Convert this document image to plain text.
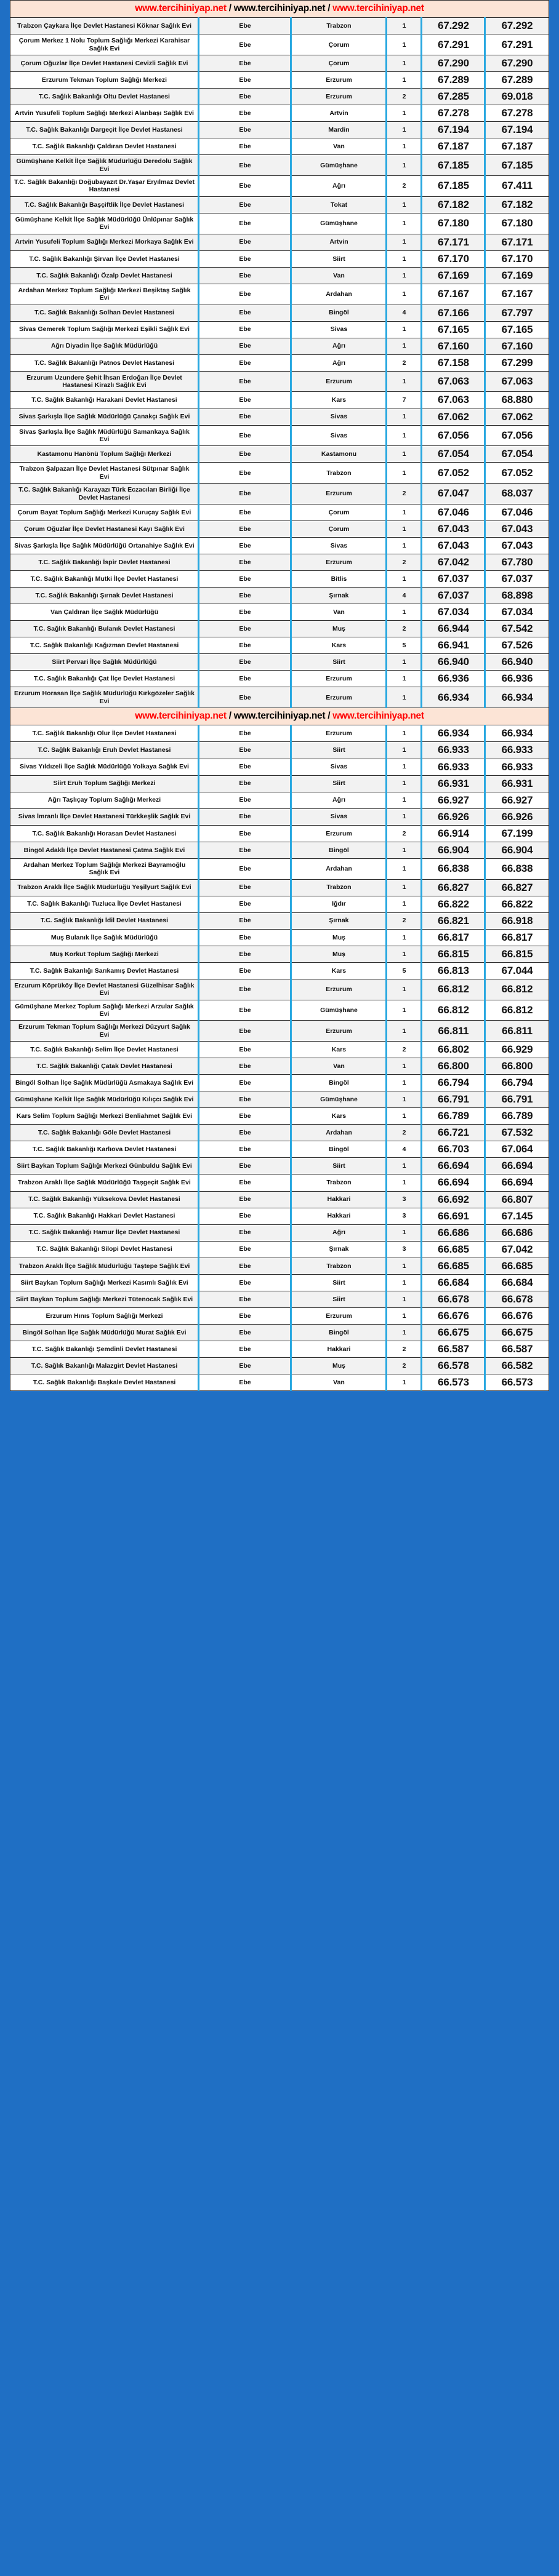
www.tercihiniyap.net / www.tercihiniyap.net / www.tercihiniyap.net					
Trabzon Çaykara İlçe Devlet Hastanesi Köknar Sağlık Evi	Ebe	Trabzon	1	67.292	67.292
Çorum Merkez 1 Nolu Toplum Sağlığı Merkezi Karahisar Sağlık Evi	Ebe	Çorum	1	67.291	67.291
Çorum Oğuzlar İlçe Devlet Hastanesi Cevizli Sağlık Evi	Ebe	Çorum	1	67.290	67.290
Erzurum Tekman Toplum Sağlığı Merkezi	Ebe	Erzurum	1	67.289	67.289
T.C. Sağlık Bakanlığı Oltu Devlet Hastanesi	Ebe	Erzurum	2	67.285	69.018
Artvin Yusufeli Toplum Sağlığı Merkezi Alanbaşı Sağlık Evi	Ebe	Artvin	1	67.278	67.278
T.C. Sağlık Bakanlığı Dargeçit İlçe Devlet Hastanesi	Ebe	Mardin	1	67.194	67.194
T.C. Sağlık Bakanlığı Çaldıran Devlet Hastanesi	Ebe	Van	1	67.187	67.187
Gümüşhane Kelkit İlçe Sağlık Müdürlüğü Deredolu Sağlık Evi	Ebe	Gümüşhane	1	67.185	67.185
T.C. Sağlık Bakanlığı Doğubayazıt Dr.Yaşar Eryılmaz Devlet Hastanesi	Ebe	Ağrı	2	67.185	67.411
T.C. Sağlık Bakanlığı Başçiftlik İlçe Devlet Hastanesi	Ebe	Tokat	1	67.182	67.182
Gümüşhane Kelkit İlçe Sağlık Müdürlüğü Ünlüpınar Sağlık Evi	Ebe	Gümüşhane	1	67.180	67.180
Artvin Yusufeli Toplum Sağlığı Merkezi Morkaya Sağlık Evi	Ebe	Artvin	1	67.171	67.171
T.C. Sağlık Bakanlığı Şirvan İlçe Devlet Hastanesi	Ebe	Siirt	1	67.170	67.170
T.C. Sağlık Bakanlığı Özalp Devlet Hastanesi	Ebe	Van	1	67.169	67.169
Ardahan Merkez Toplum Sağlığı Merkezi Beşiktaş Sağlık Evi	Ebe	Ardahan	1	67.167	67.167
T.C. Sağlık Bakanlığı Solhan Devlet Hastanesi	Ebe	Bingöl	4	67.166	67.797
Sivas Gemerek Toplum Sağlığı Merkezi Eşikli Sağlık Evi	Ebe	Sivas	1	67.165	67.165
Ağrı Diyadin İlçe Sağlık Müdürlüğü	Ebe	Ağrı	1	67.160	67.160
T.C. Sağlık Bakanlığı Patnos Devlet Hastanesi	Ebe	Ağrı	2	67.158	67.299
Erzurum Uzundere Şehit İhsan Erdoğan İlçe Devlet Hastanesi Kirazlı Sağlık Evi	Ebe	Erzurum	1	67.063	67.063
T.C. Sağlık Bakanlığı Harakani Devlet Hastanesi	Ebe	Kars	7	67.063	68.880
Sivas Şarkışla İlçe Sağlık Müdürlüğü Çanakçı Sağlık Evi	Ebe	Sivas	1	67.062	67.062
Sivas Şarkışla İlçe Sağlık Müdürlüğü Samankaya Sağlık Evi	Ebe	Sivas	1	67.056	67.056
Kastamonu Hanönü Toplum Sağlığı Merkezi	Ebe	Kastamonu	1	67.054	67.054
Trabzon Şalpazarı İlçe Devlet Hastanesi Sütpınar Sağlık Evi	Ebe	Trabzon	1	67.052	67.052
T.C. Sağlık Bakanlığı Karayazı Türk Eczacıları Birliği İlçe Devlet Hastanesi	Ebe	Erzurum	2	67.047	68.037
Çorum Bayat Toplum Sağlığı Merkezi Kuruçay Sağlık Evi	Ebe	Çorum	1	67.046	67.046
Çorum Oğuzlar İlçe Devlet Hastanesi Kayı Sağlık Evi	Ebe	Çorum	1	67.043	67.043
Sivas Şarkışla İlçe Sağlık Müdürlüğü Ortanahiye Sağlık Evi	Ebe	Sivas	1	67.043	67.043
T.C. Sağlık Bakanlığı İspir Devlet Hastanesi	Ebe	Erzurum	2	67.042	67.780
T.C. Sağlık Bakanlığı Mutki İlçe Devlet Hastanesi	Ebe	Bitlis	1	67.037	67.037
T.C. Sağlık Bakanlığı Şırnak Devlet Hastanesi	Ebe	Şırnak	4	67.037	68.898
Van Çaldıran İlçe Sağlık Müdürlüğü	Ebe	Van	1	67.034	67.034
T.C. Sağlık Bakanlığı Bulanık Devlet Hastanesi	Ebe	Muş	2	66.944	67.542
T.C. Sağlık Bakanlığı Kağızman Devlet Hastanesi	Ebe	Kars	5	66.941	67.526
Siirt Pervari İlçe Sağlık Müdürlüğü	Ebe	Siirt	1	66.940	66.940
T.C. Sağlık Bakanlığı Çat İlçe Devlet Hastanesi	Ebe	Erzurum	1	66.936	66.936
Erzurum Horasan İlçe Sağlık Müdürlüğü Kırkgözeler Sağlık Evi	Ebe	Erzurum	1	66.934	66.934
www.tercihiniyap.net / www.tercihiniyap.net / www.tercihiniyap.net					
T.C. Sağlık Bakanlığı Olur İlçe Devlet Hastanesi	Ebe	Erzurum	1	66.934	66.934
T.C. Sağlık Bakanlığı Eruh Devlet Hastanesi	Ebe	Siirt	1	66.933	66.933
Sivas Yıldızeli İlçe Sağlık Müdürlüğü Yolkaya Sağlık Evi	Ebe	Sivas	1	66.933	66.933
Siirt Eruh Toplum Sağlığı Merkezi	Ebe	Siirt	1	66.931	66.931
Ağrı Taşlıçay Toplum Sağlığı Merkezi	Ebe	Ağrı	1	66.927	66.927
Sivas İmranlı İlçe Devlet Hastanesi Türkkeşlik Sağlık Evi	Ebe	Sivas	1	66.926	66.926
T.C. Sağlık Bakanlığı Horasan Devlet Hastanesi	Ebe	Erzurum	2	66.914	67.199
Bingöl Adaklı İlçe Devlet Hastanesi Çatma Sağlık Evi	Ebe	Bingöl	1	66.904	66.904
Ardahan Merkez Toplum Sağlığı Merkezi Bayramoğlu Sağlık Evi	Ebe	Ardahan	1	66.838	66.838
Trabzon Araklı İlçe Sağlık Müdürlüğü Yeşilyurt Sağlık Evi	Ebe	Trabzon	1	66.827	66.827
T.C. Sağlık Bakanlığı Tuzluca İlçe Devlet Hastanesi	Ebe	Iğdır	1	66.822	66.822
T.C. Sağlık Bakanlığı İdil Devlet Hastanesi	Ebe	Şırnak	2	66.821	66.918
Muş Bulanık İlçe Sağlık Müdürlüğü	Ebe	Muş	1	66.817	66.817
Muş Korkut Toplum Sağlığı Merkezi	Ebe	Muş	1	66.815	66.815
T.C. Sağlık Bakanlığı Sarıkamış Devlet Hastanesi	Ebe	Kars	5	66.813	67.044
Erzurum Köprüköy İlçe Devlet Hastanesi Güzelhisar Sağlık Evi	Ebe	Erzurum	1	66.812	66.812
Gümüşhane Merkez Toplum Sağlığı Merkezi Arzular Sağlık Evi	Ebe	Gümüşhane	1	66.812	66.812
Erzurum Tekman Toplum Sağlığı Merkezi Düzyurt Sağlık Evi	Ebe	Erzurum	1	66.811	66.811
T.C. Sağlık Bakanlığı Selim İlçe Devlet Hastanesi	Ebe	Kars	2	66.802	66.929
T.C. Sağlık Bakanlığı Çatak Devlet Hastanesi	Ebe	Van	1	66.800	66.800
Bingöl Solhan İlçe Sağlık Müdürlüğü Asmakaya Sağlık Evi	Ebe	Bingöl	1	66.794	66.794
Gümüşhane Kelkit İlçe Sağlık Müdürlüğü Kılıçcı Sağlık Evi	Ebe	Gümüşhane	1	66.791	66.791
Kars Selim Toplum Sağlığı Merkezi Benliahmet Sağlık Evi	Ebe	Kars	1	66.789	66.789
T.C. Sağlık Bakanlığı Göle Devlet Hastanesi	Ebe	Ardahan	2	66.721	67.532
T.C. Sağlık Bakanlığı Karlıova Devlet Hastanesi	Ebe	Bingöl	4	66.703	67.064
Siirt Baykan Toplum Sağlığı Merkezi Günbuldu Sağlık Evi	Ebe	Siirt	1	66.694	66.694
Trabzon Araklı İlçe Sağlık Müdürlüğü Taşgeçit Sağlık Evi	Ebe	Trabzon	1	66.694	66.694
T.C. Sağlık Bakanlığı Yüksekova Devlet Hastanesi	Ebe	Hakkari	3	66.692	66.807
T.C. Sağlık Bakanlığı Hakkari Devlet Hastanesi	Ebe	Hakkari	3	66.691	67.145
T.C. Sağlık Bakanlığı Hamur İlçe Devlet Hastanesi	Ebe	Ağrı	1	66.686	66.686
T.C. Sağlık Bakanlığı Silopi Devlet Hastanesi	Ebe	Şırnak	3	66.685	67.042
Trabzon Araklı İlçe Sağlık Müdürlüğü Taştepe Sağlık Evi	Ebe	Trabzon	1	66.685	66.685
Siirt Baykan Toplum Sağlığı Merkezi Kasımlı Sağlık Evi	Ebe	Siirt	1	66.684	66.684
Siirt Baykan Toplum Sağlığı Merkezi Tütenocak Sağlık Evi	Ebe	Siirt	1	66.678	66.678
Erzurum Hınıs Toplum Sağlığı Merkezi	Ebe	Erzurum	1	66.676	66.676
Bingöl Solhan İlçe Sağlık Müdürlüğü Murat Sağlık Evi	Ebe	Bingöl	1	66.675	66.675
T.C. Sağlık Bakanlığı Şemdinli Devlet Hastanesi	Ebe	Hakkari	2	66.587	66.587
T.C. Sağlık Bakanlığı Malazgirt Devlet Hastanesi	Ebe	Muş	2	66.578	66.582
T.C. Sağlık Bakanlığı Başkale Devlet Hastanesi	Ebe	Van	1	66.573	66.573
